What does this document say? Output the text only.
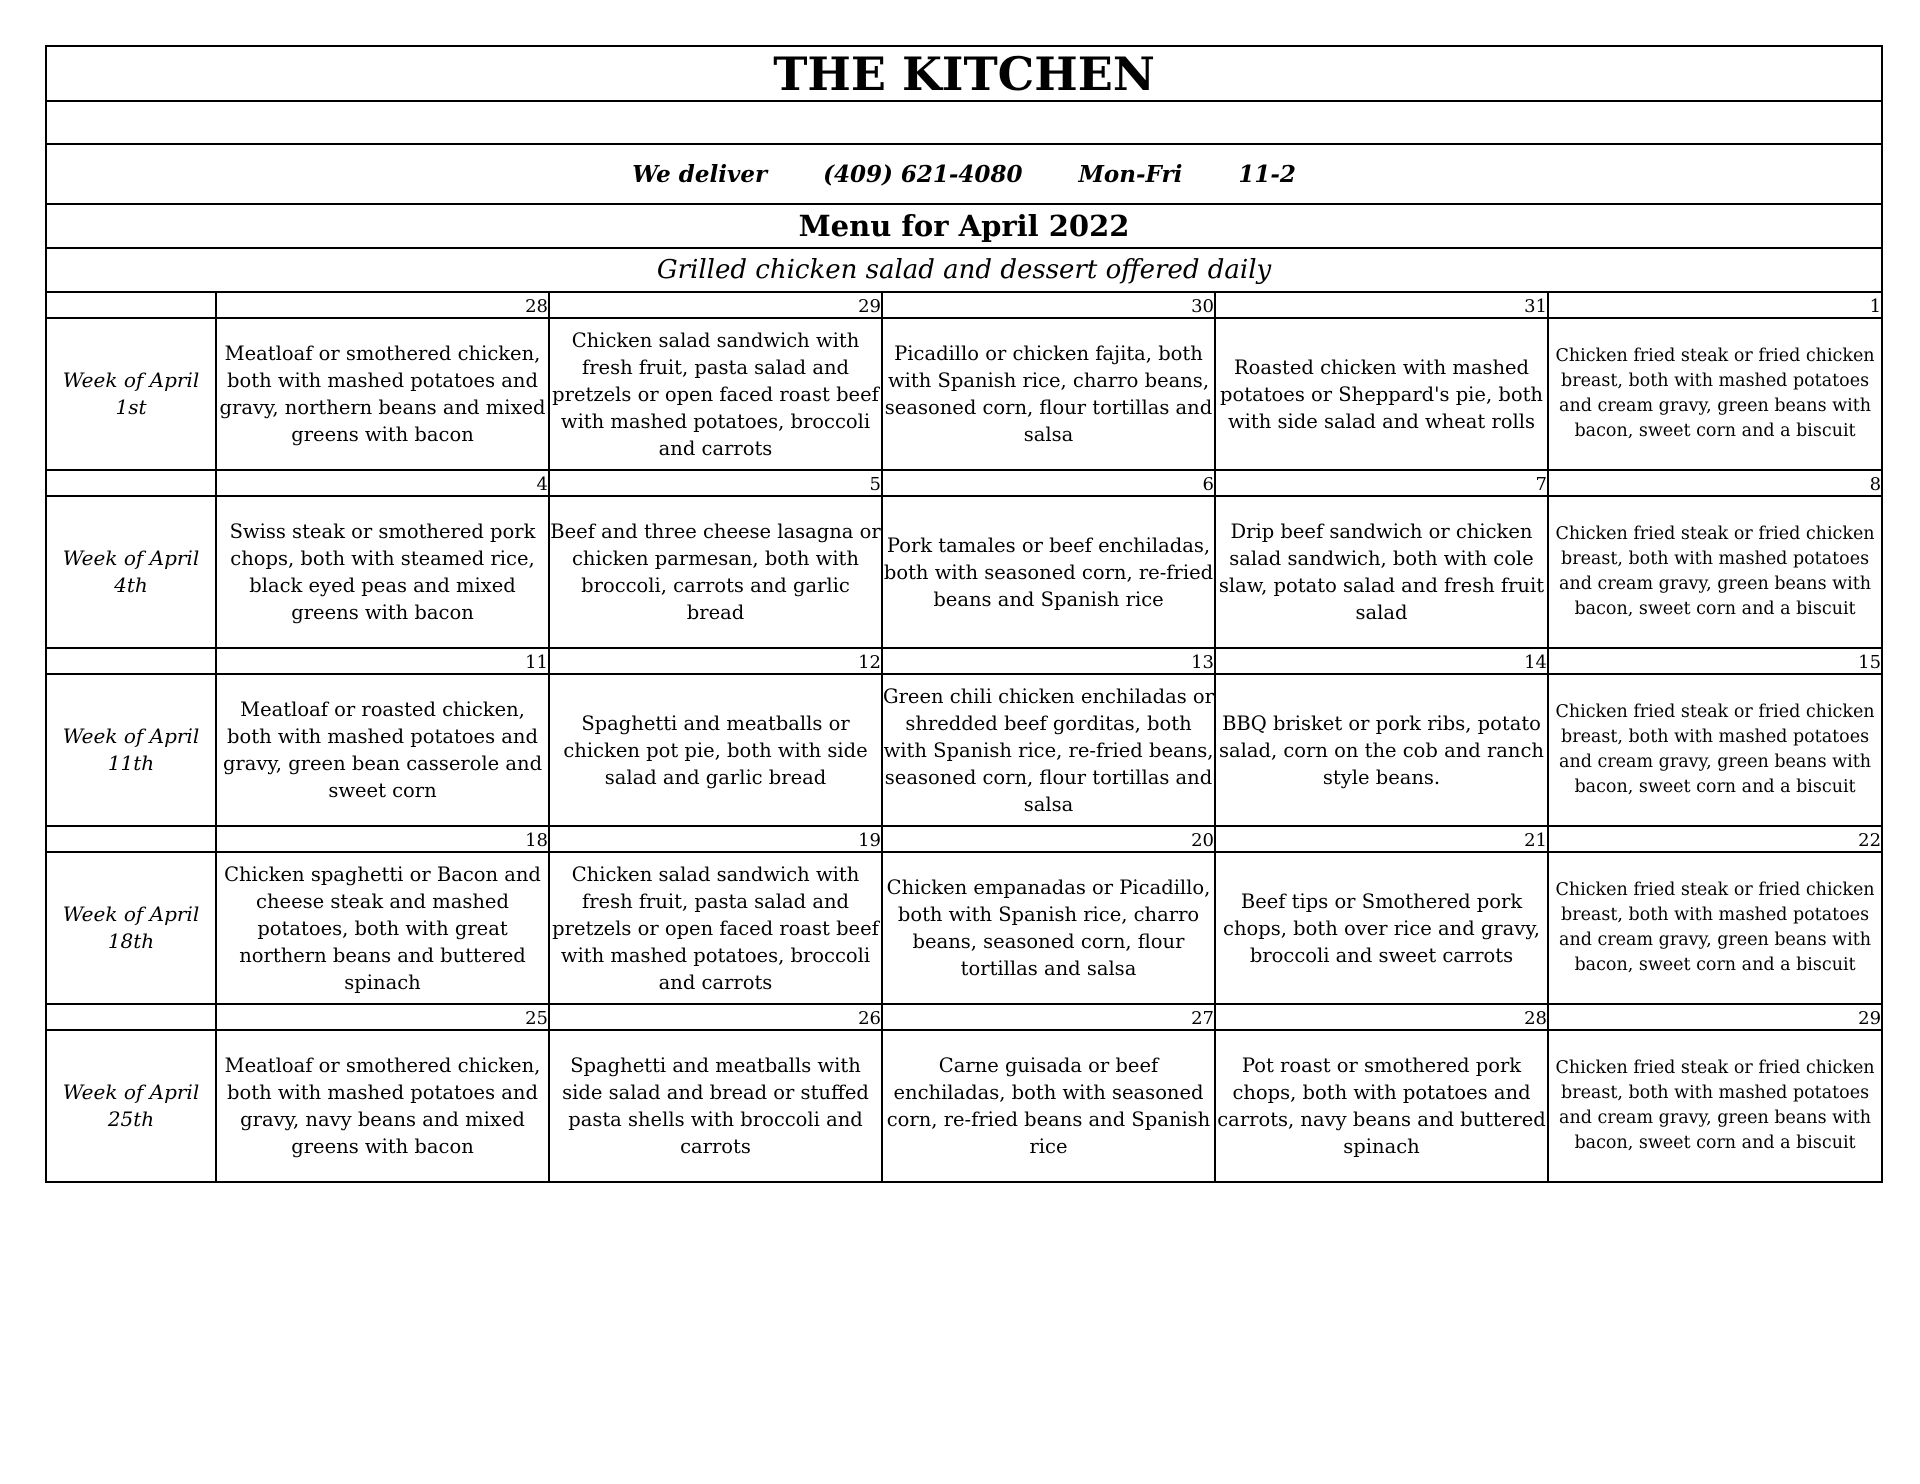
THE KITCHEN					

We deliver (409) 621-4080 Mon-Fri 11-2					
Menu for April 2022					
Grilled chicken salad and dessert offered daily					
	28	29	30	31	1
Week of April 1st	Meatloaf or smothered chicken, both with mashed potatoes and gravy, northern beans and mixed greens with bacon	Chicken salad sandwich with fresh fruit, pasta salad and pretzels or open faced roast beef with mashed potatoes, broccoli and carrots	Picadillo or chicken fajita, both with Spanish rice, charro beans, seasoned corn, flour tortillas and salsa	Roasted chicken with mashed potatoes or Sheppard's pie, both with side salad and wheat rolls	Chicken fried steak or fried chicken breast, both with mashed potatoes and cream gravy, green beans with bacon, sweet corn and a biscuit
	4	5	6	7	8
Week of April 4th	Swiss steak or smothered pork chops, both with steamed rice, black eyed peas and mixed greens with bacon	Beef and three cheese lasagna or chicken parmesan, both with broccoli, carrots and garlic bread	Pork tamales or beef enchiladas, both with seasoned corn, re-fried beans and Spanish rice	Drip beef sandwich or chicken salad sandwich, both with cole slaw, potato salad and fresh fruit salad	Chicken fried steak or fried chicken breast, both with mashed potatoes and cream gravy, green beans with bacon, sweet corn and a biscuit
	11	12	13	14	15
Week of April 11th	Meatloaf or roasted chicken, both with mashed potatoes and gravy, green bean casserole and sweet corn	Spaghetti and meatballs or chicken pot pie, both with side salad and garlic bread	Green chili chicken enchiladas or shredded beef gorditas, both with Spanish rice, re-fried beans, seasoned corn, flour tortillas and salsa	BBQ brisket or pork ribs, potato salad, corn on the cob and ranch style beans.	Chicken fried steak or fried chicken breast, both with mashed potatoes and cream gravy, green beans with bacon, sweet corn and a biscuit
	18	19	20	21	22
Week of April 18th	Chicken spaghetti or Bacon and cheese steak and mashed potatoes, both with great northern beans and buttered spinach	Chicken salad sandwich with fresh fruit, pasta salad and pretzels or open faced roast beef with mashed potatoes, broccoli and carrots	Chicken empanadas or Picadillo, both with Spanish rice, charro beans, seasoned corn, flour tortillas and salsa	Beef tips or Smothered pork chops, both over rice and gravy, broccoli and sweet carrots	Chicken fried steak or fried chicken breast, both with mashed potatoes and cream gravy, green beans with bacon, sweet corn and a biscuit
	25	26	27	28	29
Week of April 25th	Meatloaf or smothered chicken, both with mashed potatoes and gravy, navy beans and mixed greens with bacon	Spaghetti and meatballs with side salad and bread or stuffed pasta shells with broccoli and carrots	Carne guisada or beef enchiladas, both with seasoned corn, re-fried beans and Spanish rice	Pot roast or smothered pork chops, both with potatoes and carrots, navy beans and buttered spinach	Chicken fried steak or fried chicken breast, both with mashed potatoes and cream gravy, green beans with bacon, sweet corn and a biscuit
